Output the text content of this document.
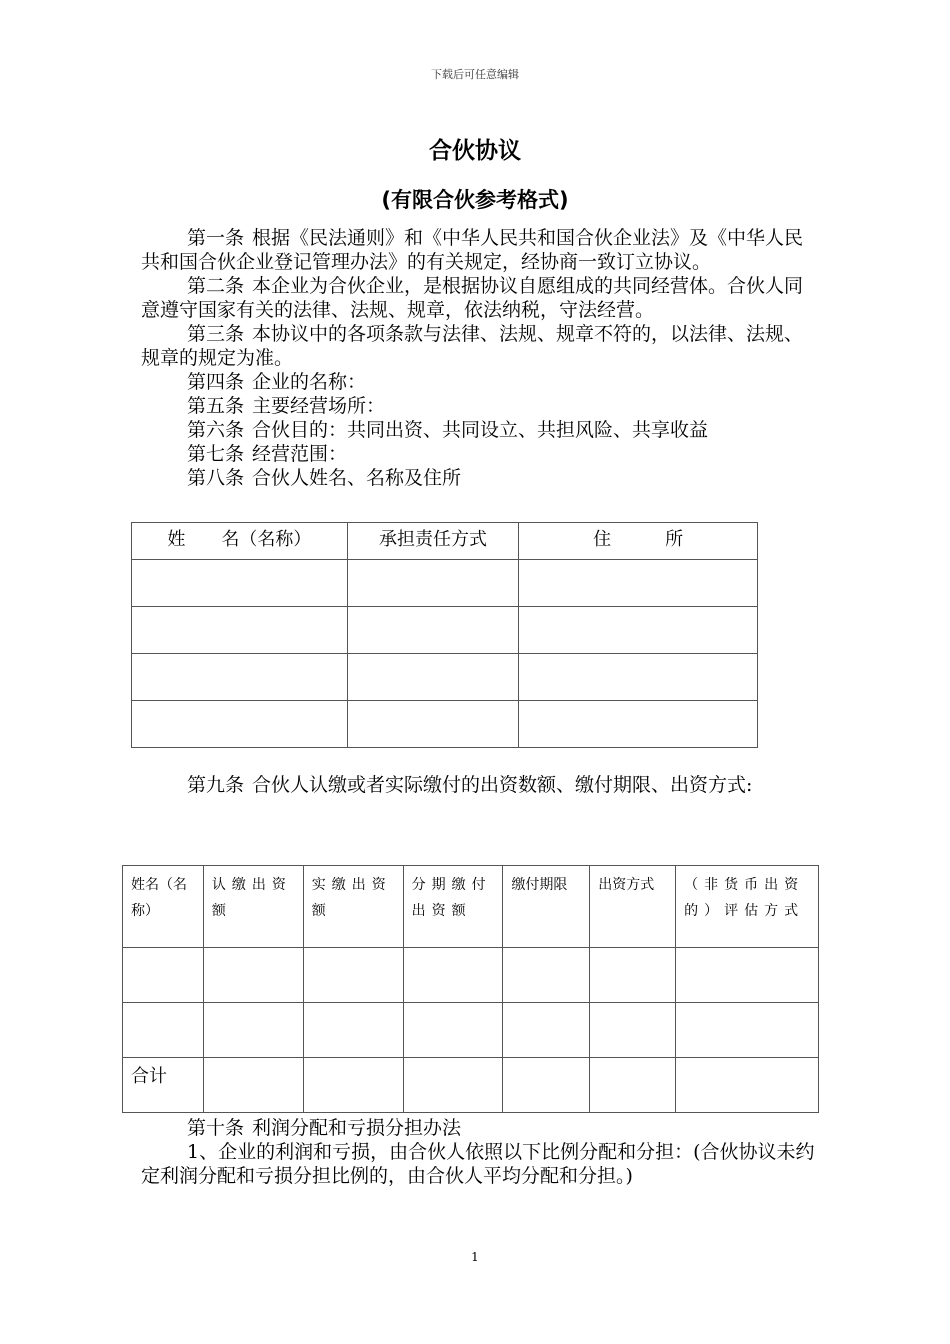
下载后可任意编辑
合伙协议
(有限合伙参考格式)

第一条 根据《民法通则》和《中华人民共和国合伙企业法》及《中华人民共和国合伙企业登记管理办法》的有关规定，经协商一致订立协议。

第二条 本企业为合伙企业，是根据协议自愿组成的共同经营体。合伙人同意遵守国家有关的法律、法规、规章，依法纳税，守法经营。

第三条 本协议中的各项条款与法律、法规、规章不符的，以法律、法规、规章的规定为准。

第四条 企业的名称：

第五条 主要经营场所：

第六条 合伙目的：共同出资、共同设立、共担风险、共享收益

第七条 经营范围：

第八条 合伙人姓名、名称及住所

姓　　名（名称）	承担责任方式	住　　　所

第九条 合伙人认缴或者实际缴付的出资数额、缴付期限、出资方式:

姓名（名称）	认缴出资额	实缴出资额	分期缴付出资额	缴付期限	出资方式	（非货币出资的）评估方式

合计						

第十条 利润分配和亏损分担办法

1、企业的利润和亏损，由合伙人依照以下比例分配和分担：(合伙协议未约定利润分配和亏损分担比例的，由合伙人平均分配和分担。)

1
